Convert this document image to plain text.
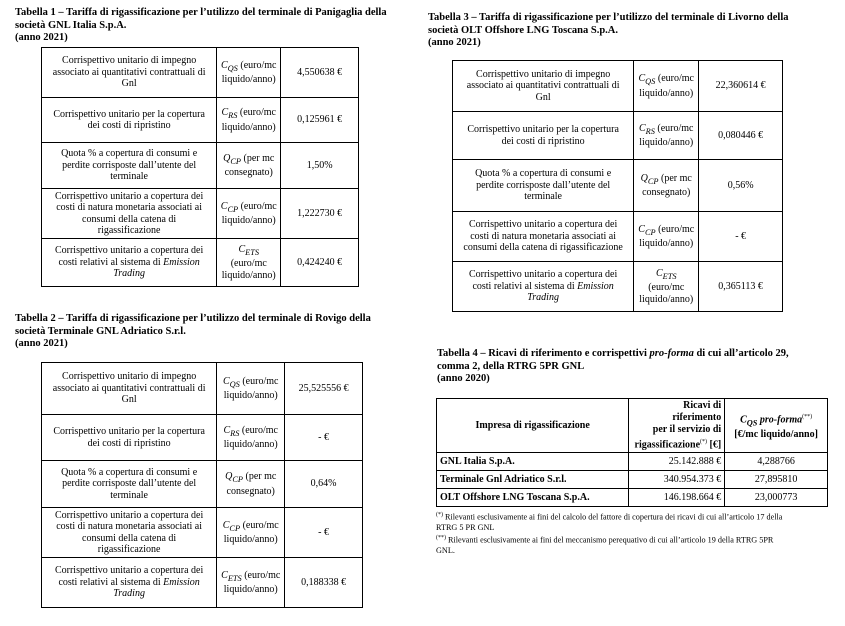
Tabella 1 – Tariffa di rigassificazione per l’utilizzo del terminale di Panigaglia della
società GNL Italia S.p.A.
(anno 2021)
Corrispettivo unitario di impegno
associato ai quantitativi contrattuali di
Gnl	$C_{QS}$ (euro/mc
liquido/anno)	4,550638 €
Corrispettivo unitario per la copertura
dei costi di ripristino	$C_{RS}$ (euro/mc
liquido/anno)	0,125961 €
Quota % a copertura di consumi e
perdite corrisposte dall’utente del
terminale	$Q_{CP}$ (per mc
consegnato)	1,50%
Corrispettivo unitario a copertura dei
costi di natura monetaria associati ai
consumi della catena di
rigassificazione	$C_{CP}$ (euro/mc
liquido/anno)	1,222730 €
Corrispettivo unitario a copertura dei
costi relativi al sistema di Emission
Trading	$C_{ETS}$
(euro/mc
liquido/anno)	0,424240 €
Tabella 2 – Tariffa di rigassificazione per l’utilizzo del terminale di Rovigo della
società Terminale GNL Adriatico S.r.l.
(anno 2021)
Corrispettivo unitario di impegno
associato ai quantitativi contrattuali di
Gnl	$C_{QS}$ (euro/mc
liquido/anno)	25,525556 €
Corrispettivo unitario per la copertura
dei costi di ripristino	$C_{RS}$ (euro/mc
liquido/anno)	- €
Quota % a copertura di consumi e
perdite corrisposte dall’utente del
terminale	$Q_{CP}$ (per mc
consegnato)	0,64%
Corrispettivo unitario a copertura dei
costi di natura monetaria associati ai
consumi della catena di
rigassificazione	$C_{CP}$ (euro/mc
liquido/anno)	- €
Corrispettivo unitario a copertura dei
costi relativi al sistema di Emission
Trading	$C_{ETS}$ (euro/mc
liquido/anno)	0,188338 €
Tabella 3 – Tariffa di rigassificazione per l’utilizzo del terminale di Livorno della
società OLT Offshore LNG Toscana S.p.A.
(anno 2021)
Corrispettivo unitario di impegno
associato ai quantitativi contrattuali di
Gnl	$C_{QS}$ (euro/mc
liquido/anno)	22,360614 €
Corrispettivo unitario per la copertura
dei costi di ripristino	$C_{RS}$ (euro/mc
liquido/anno)	0,080446 €
Quota % a copertura di consumi e
perdite corrisposte dall’utente del
terminale	$Q_{CP}$ (per mc
consegnato)	0,56%
Corrispettivo unitario a copertura dei
costi di natura monetaria associati ai
consumi della catena di rigassificazione	$C_{CP}$ (euro/mc
liquido/anno)	- €
Corrispettivo unitario a copertura dei
costi relativi al sistema di Emission
Trading	$C_{ETS}$
(euro/mc
liquido/anno)	0,365113 €
Tabella 4 – Ricavi di riferimento e corrispettivi pro-forma di cui all’articolo 29,
comma 2, della RTRG 5PR GNL
(anno 2020)
Impresa di rigassificazione	Ricavi di riferimento
per il servizio di
rigassificazione(*) [€]	$C_{QS}$ pro-forma(**)
[€/mc liquido/anno]
GNL Italia S.p.A.	25.142.888 €	4,288766
Terminale Gnl Adriatico S.r.l.	340.954.373 €	27,895810
OLT Offshore LNG Toscana S.p.A.	146.198.664 €	23,000773
(*) Rilevanti esclusivamente ai fini del calcolo del fattore di copertura dei ricavi di cui all’articolo 17 della
RTRG 5 PR GNL
(**) Rilevanti esclusivamente ai fini del meccanismo perequativo di cui all’articolo 19 della RTRG 5PR
GNL.
